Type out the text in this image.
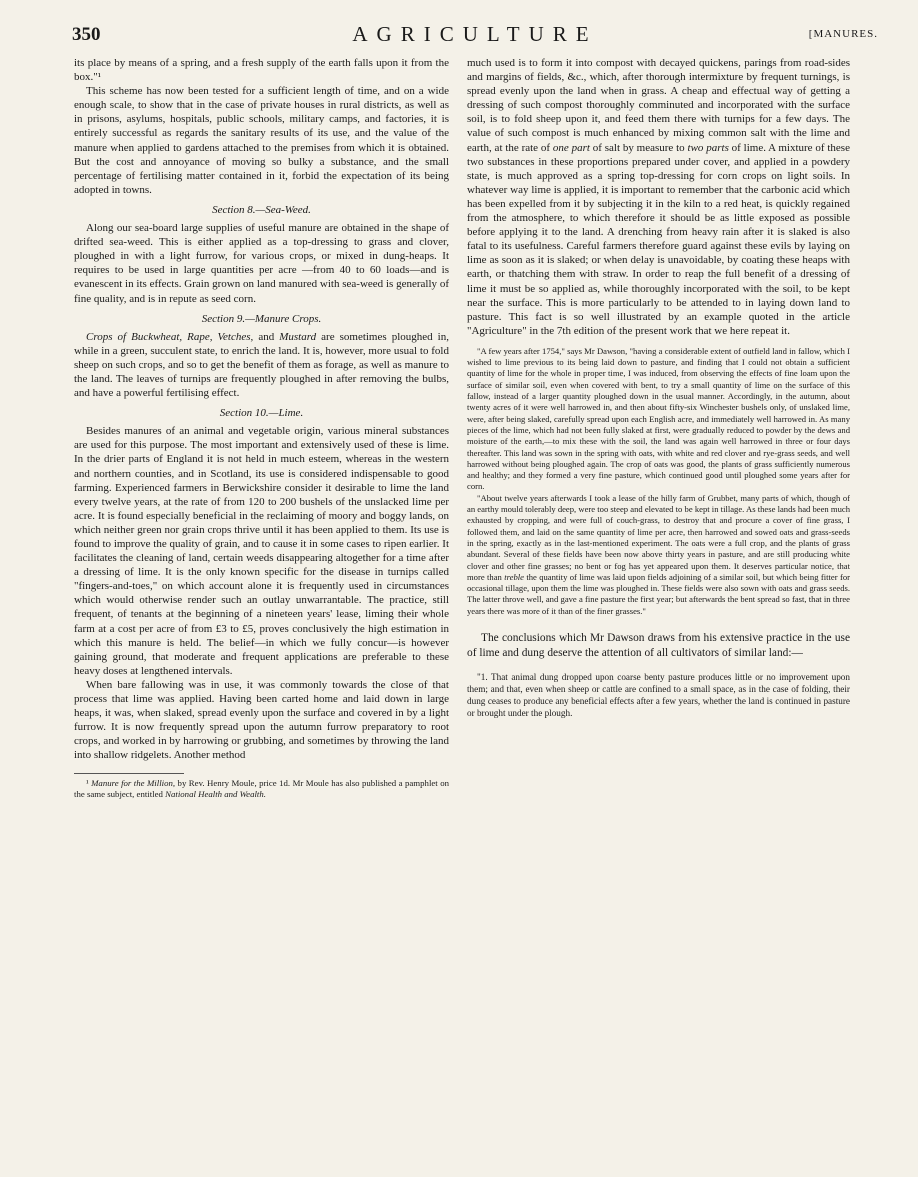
350	AGRICULTURE	[MANURES.

its place by means of a spring, and a fresh supply of the earth falls upon it from the box."¹

This scheme has now been tested for a sufficient length of time, and on a wide enough scale, to show that in the case of private houses in rural districts, as well as in prisons, asylums, hospitals, public schools, military camps, and factories, it is entirely successful as regards the sanitary results of its use, and the value of the manure when applied to gardens attached to the premises from which it is obtained. But the cost and annoyance of moving so bulky a substance, and the small percentage of fertilising matter contained in it, forbid the expectation of its being adopted in towns.

Section 8.—Sea-Weed.

Along our sea-board large supplies of useful manure are obtained in the shape of drifted sea-weed. This is either applied as a top-dressing to grass and clover, ploughed in with a light furrow, for various crops, or mixed in dung-heaps. It requires to be used in large quantities per acre —from 40 to 60 loads—and is evanescent in its effects. Grain grown on land manured with sea-weed is generally of fine quality, and is in repute as seed corn.

Section 9.—Manure Crops.

Crops of Buckwheat, Rape, Vetches, and Mustard are sometimes ploughed in, while in a green, succulent state, to enrich the land. It is, however, more usual to fold sheep on such crops, and so to get the benefit of them as forage, as well as manure to the land. The leaves of turnips are frequently ploughed in after removing the bulbs, and have a powerful fertilising effect.

Section 10.—Lime.

Besides manures of an animal and vegetable origin, various mineral substances are used for this purpose. The most important and extensively used of these is lime. In the drier parts of England it is not held in much esteem, whereas in the western and northern counties, and in Scotland, its use is considered indispensable to good farming. Experienced farmers in Berwickshire consider it desirable to lime the land every twelve years, at the rate of from 120 to 200 bushels of the unslacked lime per acre. It is found especially beneficial in the reclaiming of moory and boggy lands, on which neither green nor grain crops thrive until it has been applied to them. Its use is found to improve the quality of grain, and to cause it in some cases to ripen earlier. It facilitates the cleaning of land, certain weeds disappearing altogether for a time after a dressing of lime. It is the only known specific for the disease in turnips called "fingers-and-toes," on which account alone it is frequently used in circumstances which would otherwise render such an outlay unwarrantable. The practice, still frequent, of tenants at the beginning of a nineteen years' lease, liming their whole farm at a cost per acre of from £3 to £5, proves conclusively the high estimation in which this manure is held. The belief—in which we fully concur—is however gaining ground, that moderate and frequent applications are preferable to these heavy doses at lengthened intervals.

When bare fallowing was in use, it was commonly towards the close of that process that lime was applied. Having been carted home and laid down in large heaps, it was, when slaked, spread evenly upon the surface and covered in by a light furrow. It is now frequently spread upon the autumn furrow preparatory to root crops, and worked in by harrowing or grubbing, and sometimes by throwing the land into shallow ridgelets. Another method

¹ Manure for the Million, by Rev. Henry Moule, price 1d. Mr Moule has also published a pamphlet on the same subject, entitled National Health and Wealth.

much used is to form it into compost with decayed quickens, parings from road-sides and margins of fields, &c., which, after thorough intermixture by frequent turnings, is spread evenly upon the land when in grass. A cheap and effectual way of getting a dressing of such compost thoroughly comminuted and incorporated with the surface soil, is to fold sheep upon it, and feed them there with turnips for a few days. The value of such compost is much enhanced by mixing common salt with the lime and earth, at the rate of one part of salt by measure to two parts of lime. A mixture of these two substances in these proportions prepared under cover, and applied in a powdery state, is much approved as a spring top-dressing for corn crops on light soils. In whatever way lime is applied, it is important to remember that the carbonic acid which has been expelled from it by subjecting it in the kiln to a red heat, is quickly regained from the atmosphere, to which therefore it should be as little exposed as possible before applying it to the land. A drenching from heavy rain after it is slaked is also fatal to its usefulness. Careful farmers therefore guard against these evils by laying on lime as soon as it is slaked; or when delay is unavoidable, by coating these heaps with earth, or thatching them with straw. In order to reap the full benefit of a dressing of lime it must be so applied as, while thoroughly incorporated with the soil, to be kept near the surface. This is more particularly to be attended to in laying down land to pasture. This fact is so well illustrated by an example quoted in the article "Agriculture" in the 7th edition of the present work that we here repeat it.

"A few years after 1754," says Mr Dawson, "having a considerable extent of outfield land in fallow, which I wished to lime previous to its being laid down to pasture, and finding that I could not obtain a sufficient quantity of lime for the whole in proper time, I was induced, from observing the effects of fine loam upon the surface of similar soil, even when covered with bent, to try a small quantity of lime on the surface of this fallow, instead of a larger quantity ploughed down in the usual manner. Accordingly, in the autumn, about twenty acres of it were well harrowed in, and then about fifty-six Winchester bushels only, of unslaked lime, were, after being slaked, carefully spread upon each English acre, and immediately well harrowed in. As many pieces of the lime, which had not been fully slaked at first, were gradually reduced to powder by the dews and moisture of the earth,—to mix these with the soil, the land was again well harrowed in three or four days thereafter. This land was sown in the spring with oats, with white and red clover and rye-grass seeds, and well harrowed without being ploughed again. The crop of oats was good, the plants of grass sufficiently numerous and healthy; and they formed a very fine pasture, which continued good until ploughed some years after for corn.

"About twelve years afterwards I took a lease of the hilly farm of Grubbet, many parts of which, though of an earthy mould tolerably deep, were too steep and elevated to be kept in tillage. As these lands had been much exhausted by cropping, and were full of couch-grass, to destroy that and procure a cover of fine grass, I followed them, and laid on the same quantity of lime per acre, then harrowed and sowed oats and grass-seeds in the spring, exactly as in the last-mentioned experiment. The oats were a full crop, and the plants of grass abundant. Several of these fields have been now above thirty years in pasture, and are still producing white clover and other fine grasses; no bent or fog has yet appeared upon them. It deserves particular notice, that more than treble the quantity of lime was laid upon fields adjoining of a similar soil, but which being fitter for occasional tillage, upon them the lime was ploughed in. These fields were also sown with oats and grass seeds. The latter throve well, and gave a fine pasture the first year; but afterwards the bent spread so fast, that in three years there was more of it than of the finer grasses."

The conclusions which Mr Dawson draws from his extensive practice in the use of lime and dung deserve the attention of all cultivators of similar land:—

"1. That animal dung dropped upon coarse benty pasture produces little or no improvement upon them; and that, even when sheep or cattle are confined to a small space, as in the case of folding, their dung ceases to produce any beneficial effects after a few years, whether the land is continued in pasture or brought under the plough.
